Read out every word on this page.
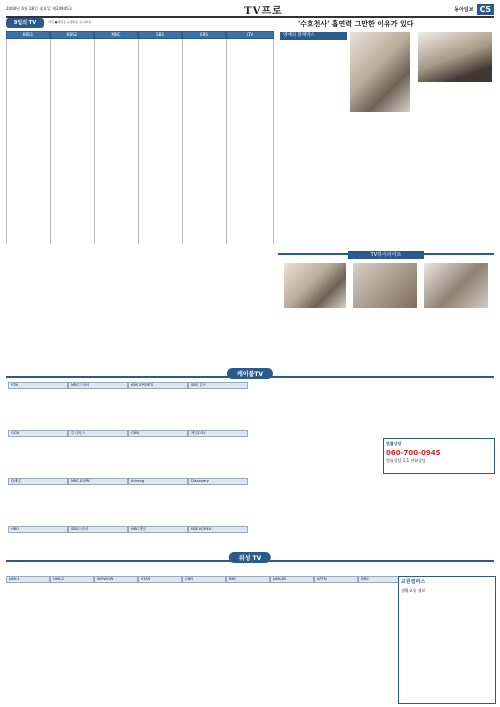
2004년 6월 28일 월요일 제24945호	TV프로	동아일보 C5
9일의 TV	자막 ●재방송 ◎생방송 ⓗ고화질
KBS1	KBS2	MBC	SBS	EBS	iTV
'수호천사' 흡연력 그만한 이유가 있다
영예의 블랙박스
TV하이라이트
케이블TV
YTN	MBC드라마	KBS SPORTS	SBS 골프
OCN	투니버스	CNN	채널CGV
Q채널	MBC ESPN	Arirang	Discovery
HBO	SBS드라마	MBC게임	KBS KOREA
법률상담
060-700-0945
법률상담 1:1 전화상담
위성 TV
NHK-1	NHK-2	WOWOW	STAR	CNN	BBC	NHK-BS	APTN	MBC	교원캠퍼스
생활교육 정보
